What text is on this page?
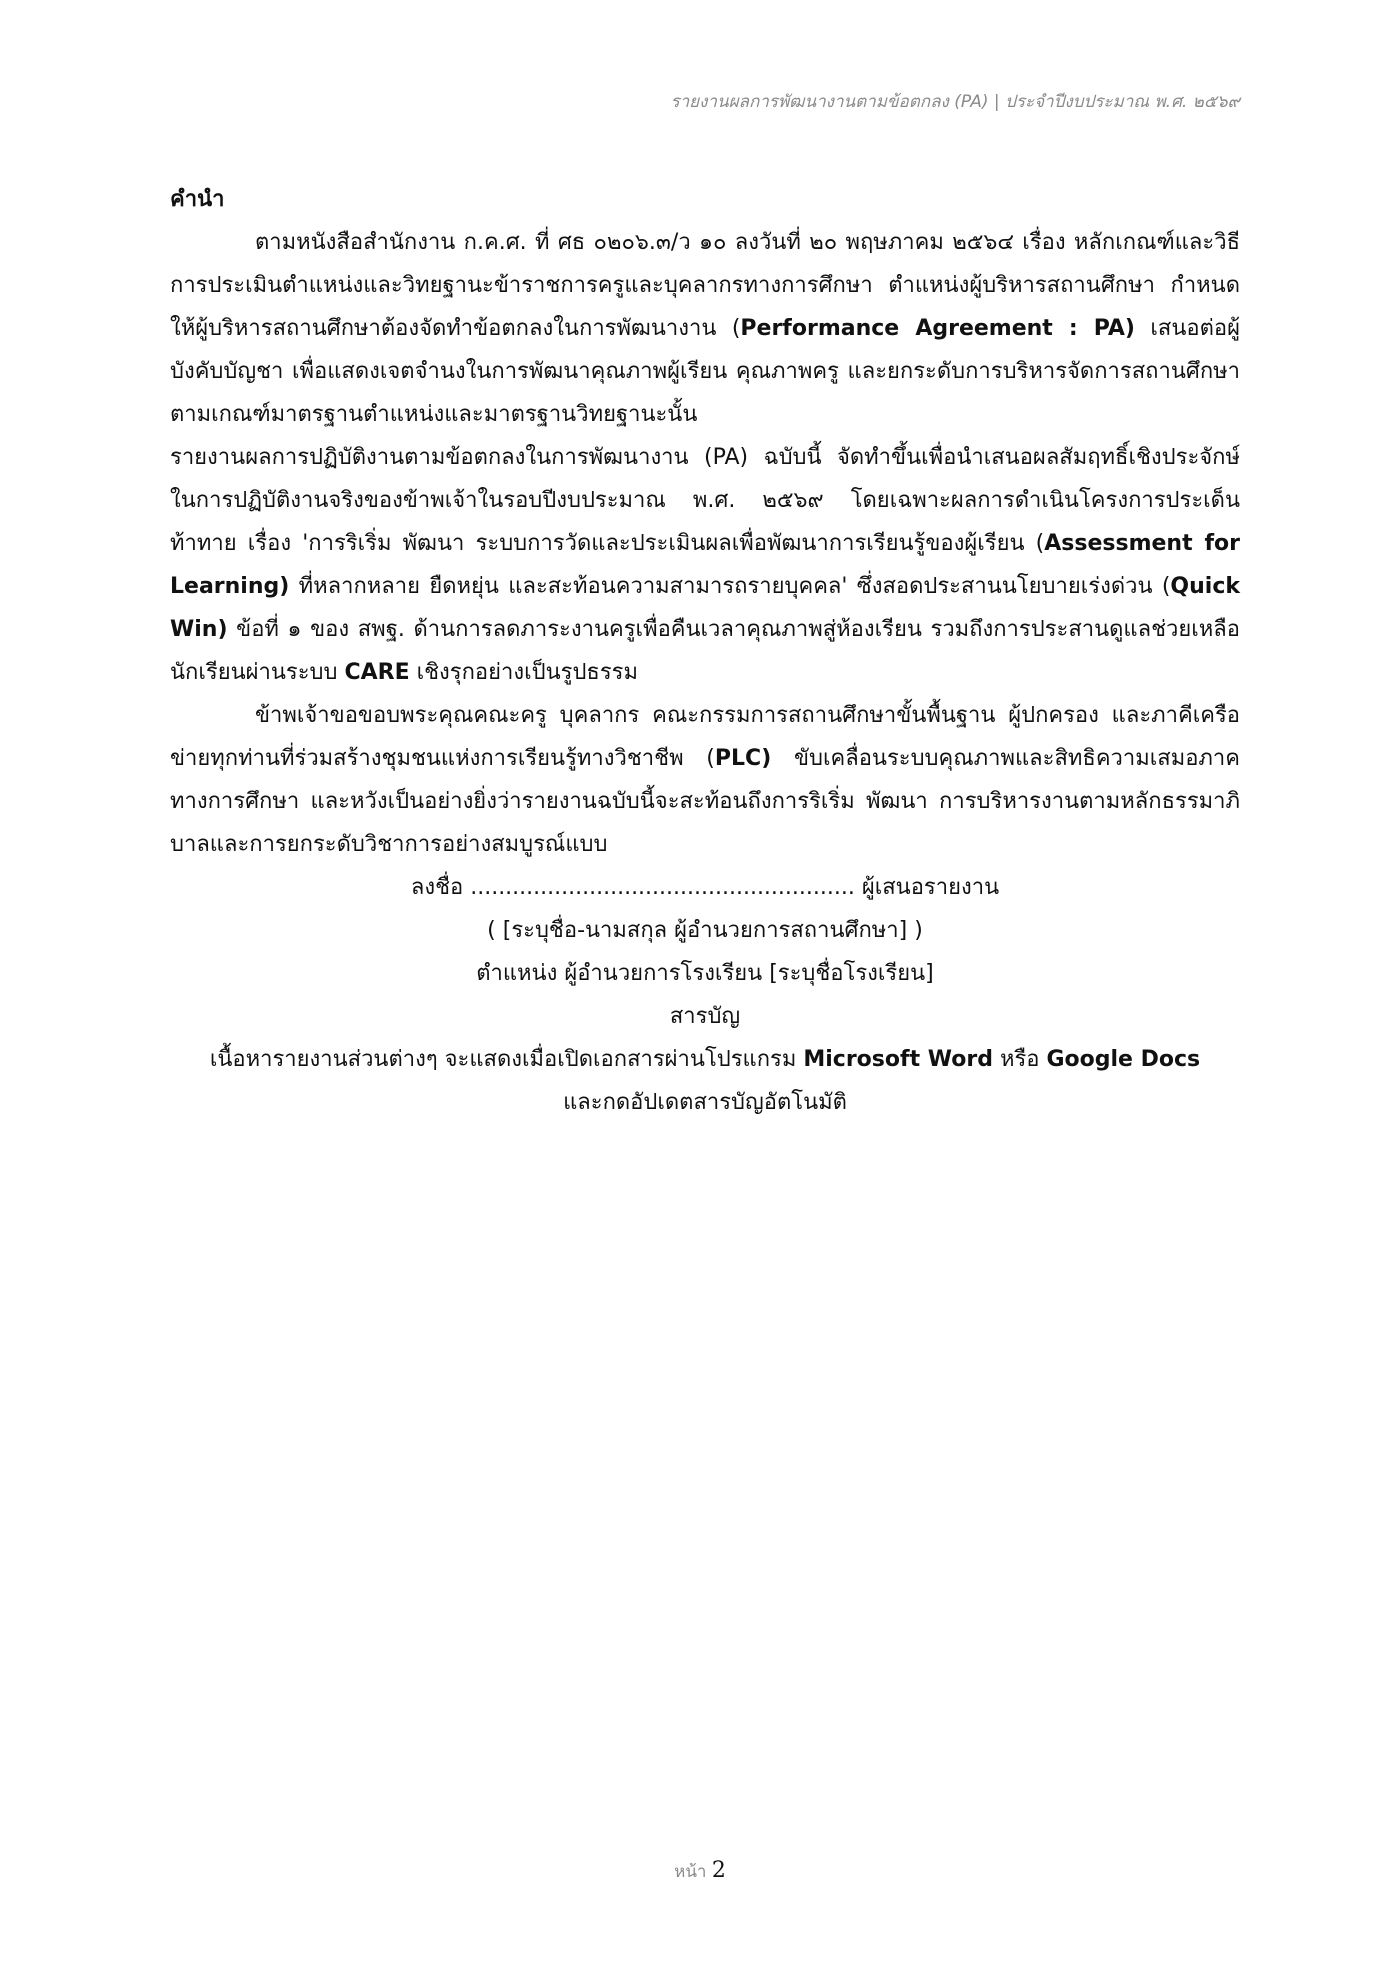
รายงานผลการพัฒนางานตามข้อตกลง (PA) | ประจำปีงบประมาณ พ.ศ. ๒๕๖๙

คำนำ

ตามหนังสือสำนักงาน ก.ค.ศ. ที่ ศธ ๐๒๐๖.๓/ว ๑๐ ลงวันที่ ๒๐ พฤษภาคม ๒๕๖๔ เรื่อง หลักเกณฑ์และวิธีการประเมินตำแหน่งและวิทยฐานะข้าราชการครูและบุคลากรทางการศึกษา ตำแหน่งผู้บริหารสถานศึกษา กำหนดให้ผู้บริหารสถานศึกษาต้องจัดทำข้อตกลงในการพัฒนางาน (Performance Agreement : PA) เสนอต่อผู้บังคับบัญชา เพื่อแสดงเจตจำนงในการพัฒนาคุณภาพผู้เรียน คุณภาพครู และยกระดับการบริหารจัดการสถานศึกษาตามเกณฑ์มาตรฐานตำแหน่งและมาตรฐานวิทยฐานะนั้น

รายงานผลการปฏิบัติงานตามข้อตกลงในการพัฒนางาน (PA) ฉบับนี้ จัดทำขึ้นเพื่อนำเสนอผลสัมฤทธิ์เชิงประจักษ์ในการปฏิบัติงานจริงของข้าพเจ้าในรอบปีงบประมาณ พ.ศ. ๒๕๖๙ โดยเฉพาะผลการดำเนินโครงการประเด็นท้าทาย เรื่อง 'การริเริ่ม พัฒนา ระบบการวัดและประเมินผลเพื่อพัฒนาการเรียนรู้ของผู้เรียน (Assessment for Learning) ที่หลากหลาย ยืดหยุ่น และสะท้อนความสามารถรายบุคคล' ซึ่งสอดประสานนโยบายเร่งด่วน (Quick Win) ข้อที่ ๑ ของ สพฐ. ด้านการลดภาระงานครูเพื่อคืนเวลาคุณภาพสู่ห้องเรียน รวมถึงการประสานดูแลช่วยเหลือนักเรียนผ่านระบบ CARE เชิงรุกอย่างเป็นรูปธรรม

ข้าพเจ้าขอขอบพระคุณคณะครู บุคลากร คณะกรรมการสถานศึกษาขั้นพื้นฐาน ผู้ปกครอง และภาคีเครือข่ายทุกท่านที่ร่วมสร้างชุมชนแห่งการเรียนรู้ทางวิชาชีพ (PLC) ขับเคลื่อนระบบคุณภาพและสิทธิความเสมอภาคทางการศึกษา และหวังเป็นอย่างยิ่งว่ารายงานฉบับนี้จะสะท้อนถึงการริเริ่ม พัฒนา การบริหารงานตามหลักธรรมาภิบาลและการยกระดับวิชาการอย่างสมบูรณ์แบบ

ลงชื่อ ....................................................... ผู้เสนอรายงาน

( [ระบุชื่อ-นามสกุล ผู้อำนวยการสถานศึกษา] )

ตำแหน่ง ผู้อำนวยการโรงเรียน [ระบุชื่อโรงเรียน]

สารบัญ

เนื้อหารายงานส่วนต่างๆ จะแสดงเมื่อเปิดเอกสารผ่านโปรแกรม Microsoft Word หรือ Google Docs

และกดอัปเดตสารบัญอัตโนมัติ

หน้า 2
